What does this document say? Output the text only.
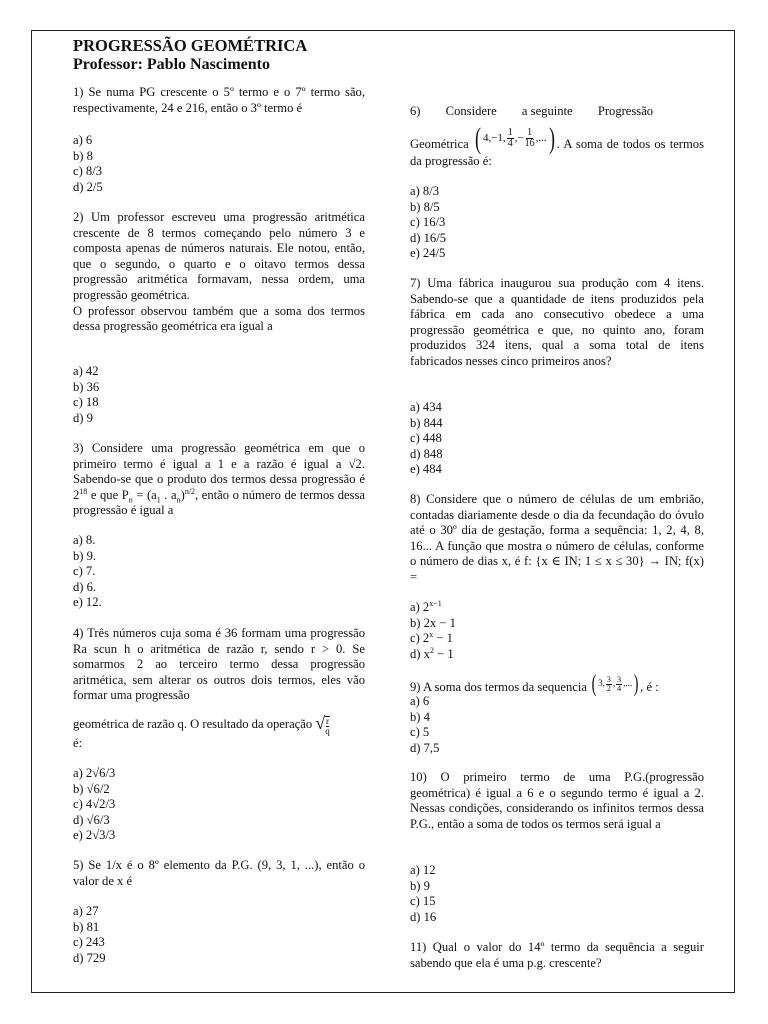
PROGRESSÃO GEOMÉTRICA
Professor: Pablo Nascimento

1) Se numa PG crescente o 5º termo e o 7º termo são, respectivamente, 24 e 216, então o 3º termo é

a) 6
b) 8
c) 8/3
d) 2/5

2) Um professor escreveu uma progressão aritmética crescente de 8 termos começando pelo número 3 e composta apenas de números naturais. Ele notou, então, que o segundo, o quarto e o oitavo termos dessa progressão aritmética formavam, nessa ordem, uma progressão geométrica.

O professor observou também que a soma dos termos dessa progressão geométrica era igual a

a) 42
b) 36
c) 18
d) 9

3) Considere uma progressão geométrica em que o primeiro termo é igual a 1 e a razão é igual a √2. Sabendo-se que o produto dos termos dessa progressão é $2^{18}$ e que $P_n = (a_1$ . $a_n)^{n/2}$, então o número de termos dessa progressão é igual a

a) 8.
b) 9.
c) 7.
d) 6.
e) 12.

4) Três números cuja soma é 36 formam uma progressão Ra scun h o aritmética de razão r, sendo r > 0. Se somarmos 2 ao terceiro termo dessa progressão aritmética, sem alterar os outros dois termos, eles vão formar uma progressão

geométrica de razão q. O resultado da operação √ r
q

é:

a) 2√6/3
b) √6/2
c) 4√2/3
d) √6/3
e) 2√3/3

5) Se 1/x é o 8º elemento da P.G. (9, 3, 1, ...), então o valor de x é

a) 27
b) 81
c) 243
d) 729

6)        Considere        a seguinte        Progressão

Geométrica ( 4,−1, $\frac{1}{4}$ ,− $\frac{1}{16}$ ,... ) . A soma de todos os termos da progressão é:

a) 8/3
b) 8/5
c) 16/3
d) 16/5
e) 24/5

7) Uma fábrica inaugurou sua produção com 4 itens. Sabendo-se que a quantidade de itens produzidos pela fábrica em cada ano consecutivo obedece a uma progressão geométrica e que, no quinto ano, foram produzidos 324 itens, qual a soma total de itens fabricados nesses cinco primeiros anos?

a) 434
b) 844
c) 448
d) 848
e) 484

8) Considere que o número de células de um embrião, contadas diariamente desde o dia da fecundação do óvulo até o 30º dia de gestação, forma a sequência: 1, 2, 4, 8, 16... A função que mostra o número de células, conforme o número de dias x, é f: {x ∈ IN; 1 ≤ x ≤ 30} → IN; f(x) =

a) $2^{x-1}$
b) 2x − 1
c) $2^x - 1$
d) $x^2 - 1$

9) A soma dos termos da sequencia ( 3, $\frac{3}{2}$ , $\frac{3}{4}$ ,... ) , é :

a) 6
b) 4
c) 5
d) 7,5

10) O primeiro termo de uma P.G.(progressão geométrica) é igual a 6 e o segundo termo é igual a 2. Nessas condições, considerando os infinitos termos dessa P.G., então a soma de todos os termos será igual a

a) 12
b) 9
c) 15
d) 16

11) Qual o valor do 14º termo da sequência a seguir sabendo que ela é uma p.g. crescente?
